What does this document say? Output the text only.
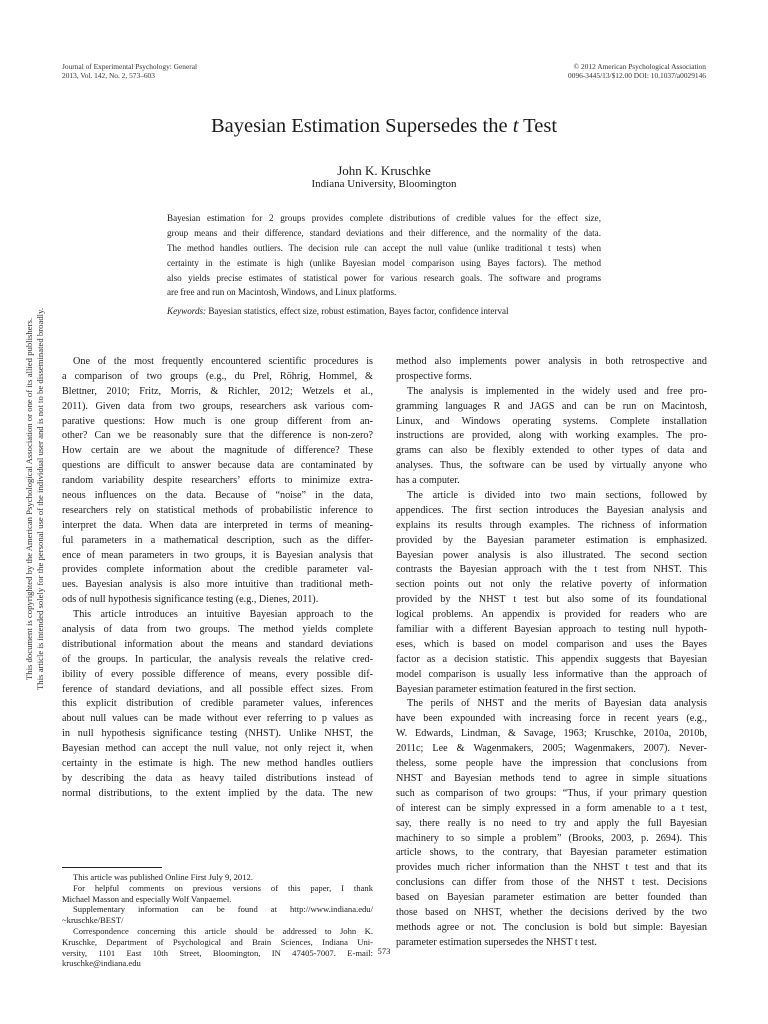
Journal of Experimental Psychology: General
2013, Vol. 142, No. 2, 573–603
© 2012 American Psychological Association
0096-3445/13/$12.00 DOI: 10.1037/a0029146
Bayesian Estimation Supersedes the t Test
John K. Kruschke
Indiana University, Bloomington
Bayesian estimation for 2 groups provides complete distributions of credible values for the effect size,
group means and their difference, standard deviations and their difference, and the normality of the data.
The method handles outliers. The decision rule can accept the null value (unlike traditional t tests) when
certainty in the estimate is high (unlike Bayesian model comparison using Bayes factors). The method
also yields precise estimates of statistical power for various research goals. The software and programs
are free and run on Macintosh, Windows, and Linux platforms.
Keywords: Bayesian statistics, effect size, robust estimation, Bayes factor, confidence interval
One of the most frequently encountered scientific procedures is
a comparison of two groups (e.g., du Prel, Röhrig, Hommel, &
Blettner, 2010; Fritz, Morris, & Richler, 2012; Wetzels et al.,
2011). Given data from two groups, researchers ask various com-
parative questions: How much is one group different from an-
other? Can we be reasonably sure that the difference is non-zero?
How certain are we about the magnitude of difference? These
questions are difficult to answer because data are contaminated by
random variability despite researchers’ efforts to minimize extra-
neous influences on the data. Because of “noise” in the data,
researchers rely on statistical methods of probabilistic inference to
interpret the data. When data are interpreted in terms of meaning-
ful parameters in a mathematical description, such as the differ-
ence of mean parameters in two groups, it is Bayesian analysis that
provides complete information about the credible parameter val-
ues. Bayesian analysis is also more intuitive than traditional meth-
ods of null hypothesis significance testing (e.g., Dienes, 2011).
This article introduces an intuitive Bayesian approach to the
analysis of data from two groups. The method yields complete
distributional information about the means and standard deviations
of the groups. In particular, the analysis reveals the relative cred-
ibility of every possible difference of means, every possible dif-
ference of standard deviations, and all possible effect sizes. From
this explicit distribution of credible parameter values, inferences
about null values can be made without ever referring to p values as
in null hypothesis significance testing (NHST). Unlike NHST, the
Bayesian method can accept the null value, not only reject it, when
certainty in the estimate is high. The new method handles outliers
by describing the data as heavy tailed distributions instead of
normal distributions, to the extent implied by the data. The new
method also implements power analysis in both retrospective and
prospective forms.
The analysis is implemented in the widely used and free pro-
gramming languages R and JAGS and can be run on Macintosh,
Linux, and Windows operating systems. Complete installation
instructions are provided, along with working examples. The pro-
grams can also be flexibly extended to other types of data and
analyses. Thus, the software can be used by virtually anyone who
has a computer.
The article is divided into two main sections, followed by
appendices. The first section introduces the Bayesian analysis and
explains its results through examples. The richness of information
provided by the Bayesian parameter estimation is emphasized.
Bayesian power analysis is also illustrated. The second section
contrasts the Bayesian approach with the t test from NHST. This
section points out not only the relative poverty of information
provided by the NHST t test but also some of its foundational
logical problems. An appendix is provided for readers who are
familiar with a different Bayesian approach to testing null hypoth-
eses, which is based on model comparison and uses the Bayes
factor as a decision statistic. This appendix suggests that Bayesian
model comparison is usually less informative than the approach of
Bayesian parameter estimation featured in the first section.
The perils of NHST and the merits of Bayesian data analysis
have been expounded with increasing force in recent years (e.g.,
W. Edwards, Lindman, & Savage, 1963; Kruschke, 2010a, 2010b,
2011c; Lee & Wagenmakers, 2005; Wagenmakers, 2007). Never-
theless, some people have the impression that conclusions from
NHST and Bayesian methods tend to agree in simple situations
such as comparison of two groups: “Thus, if your primary question
of interest can be simply expressed in a form amenable to a t test,
say, there really is no need to try and apply the full Bayesian
machinery to so simple a problem” (Brooks, 2003, p. 2694). This
article shows, to the contrary, that Bayesian parameter estimation
provides much richer information than the NHST t test and that its
conclusions can differ from those of the NHST t test. Decisions
based on Bayesian parameter estimation are better founded than
those based on NHST, whether the decisions derived by the two
methods agree or not. The conclusion is bold but simple: Bayesian
parameter estimation supersedes the NHST t test.
This article was published Online First July 9, 2012.
For helpful comments on previous versions of this paper, I thank
Michael Masson and especially Wolf Vanpaemel.
Supplementary information can be found at http://www.indiana.edu/
~kruschke/BEST/
Correspondence concerning this article should be addressed to John K.
Kruschke, Department of Psychological and Brain Sciences, Indiana Uni-
versity, 1101 East 10th Street, Bloomington, IN 47405-7007. E-mail:
kruschke@indiana.edu
573
This document is copyrighted by the American Psychological Association or one of its allied publishers. This article is intended solely for the personal use of the individual user and is not to be disseminated broadly.
